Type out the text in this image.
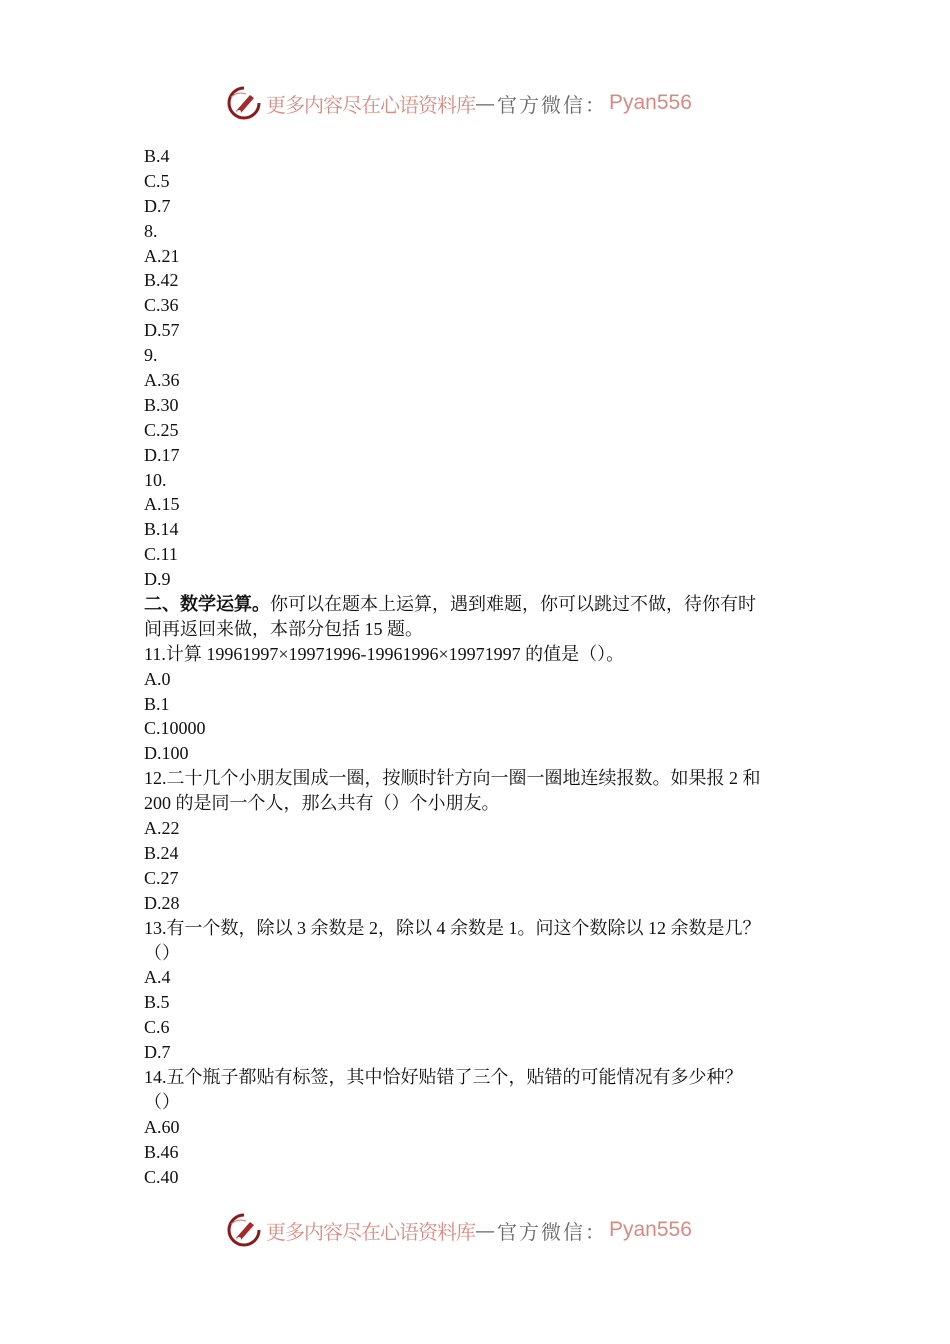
更多内容尽在心语资料库 — 官方微信： Pyan556
B.4
C.5
D.7
8.
A.21
B.42
C.36
D.57
9.
A.36
B.30
C.25
D.17
10.
A.15
B.14
C.11
D.9
二、数学运算。你可以在题本上运算，遇到难题，你可以跳过不做，待你有时
间再返回来做，本部分包括 15 题。
11.计算 19961997×19971996-19961996×19971997 的值是（）。
A.0
B.1
C.10000
D.100
12.二十几个小朋友围成一圈，按顺时针方向一圈一圈地连续报数。如果报 2 和
200 的是同一个人，那么共有（）个小朋友。
A.22
B.24
C.27
D.28
13.有一个数，除以 3 余数是 2，除以 4 余数是 1。问这个数除以 12 余数是几？
（）
A.4
B.5
C.6
D.7
14.五个瓶子都贴有标签，其中恰好贴错了三个，贴错的可能情况有多少种？
（）
A.60
B.46
C.40
更多内容尽在心语资料库 — 官方微信： Pyan556
